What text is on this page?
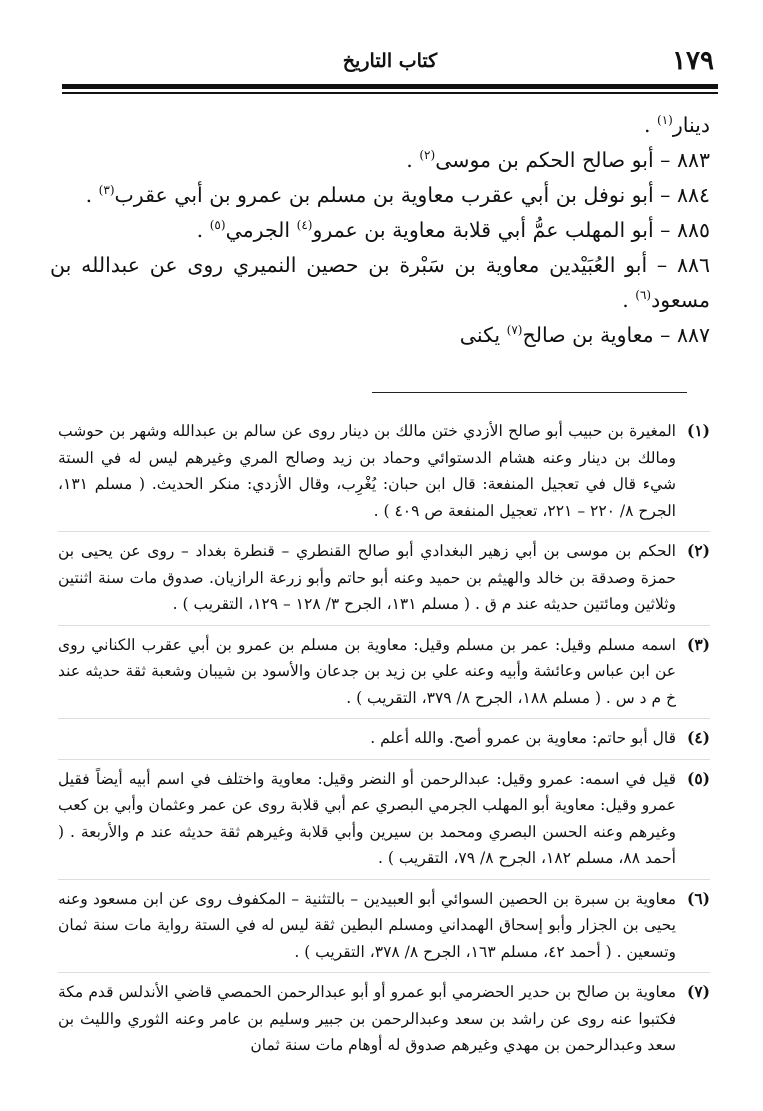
١٧٩
كتاب التاريخ
دينار$^{(١)}$ .
٨٨٣ – أبو صالح الحكم بن موسى$^{(٢)}$ .
٨٨٤ – أبو نوفل بن أبي عقرب معاوية بن مسلم بن عمرو بن أبي عقرب$^{(٣)}$ .
٨٨٥ – أبو المهلب عمُّ أبي قلابة معاوية بن عمرو$^{(٤)}$ الجرمي$^{(٥)}$ .
٨٨٦ – أبو العُبَيْدين معاوية بن سَبْرة بن حصين النميري روى عن عبدالله بن مسعود$^{(٦)}$ .
٨٨٧ – معاوية بن صالح$^{(٧)}$ يكنى
(١)
المغيرة بن حبيب أبو صالح الأزدي ختن مالك بن دينار روى عن سالم بن عبدالله وشهر بن حوشب ومالك بن دينار وعنه هشام الدستوائي وحماد بن زيد وصالح المري وغيرهم ليس له في الستة شيء قال في تعجيل المنفعة: قال ابن حبان: يُغْرِب، وقال الأزدي: منكر الحديث. ( مسلم ١٣١، الجرح ٨/ ٢٢٠ – ٢٢١، تعجيل المنفعة ص ٤٠٩ ) .
(٢)
الحكم بن موسى بن أبي زهير البغدادي أبو صالح القنطري – قنطرة بغداد – روى عن يحيى بن حمزة وصدقة بن خالد والهيثم بن حميد وعنه أبو حاتم وأبو زرعة الرازيان. صدوق مات سنة اثنتين وثلاثين ومائتين حديثه عند م ق . ( مسلم ١٣١، الجرح ٣/ ١٢٨ – ١٢٩، التقريب ) .
(٣)
اسمه مسلم وقيل: عمر بن مسلم وقيل: معاوية بن مسلم بن عمرو بن أبي عقرب الكناني روى عن ابن عباس وعائشة وأبيه وعنه علي بن زيد بن جدعان والأسود بن شيبان وشعبة ثقة حديثه عند خ م د س . ( مسلم ١٨٨، الجرح ٨/ ٣٧٩، التقريب ) .
(٤)
قال أبو حاتم: معاوية بن عمرو أصح. والله أعلم .
(٥)
قيل في اسمه: عمرو وقيل: عبدالرحمن أو النضر وقيل: معاوية واختلف في اسم أبيه أيضاً فقيل عمرو وقيل: معاوية أبو المهلب الجرمي البصري عم أبي قلابة روى عن عمر وعثمان وأبي بن كعب وغيرهم وعنه الحسن البصري ومحمد بن سيرين وأبي قلابة وغيرهم ثقة حديثه عند م والأربعة . ( أحمد ٨٨، مسلم ١٨٢، الجرح ٨/ ٧٩، التقريب ) .
(٦)
معاوية بن سبرة بن الحصين السوائي أبو العبيدين – بالتثنية – المكفوف روى عن ابن مسعود وعنه يحيى بن الجزار وأبو إسحاق الهمداني ومسلم البطين ثقة ليس له في الستة رواية مات سنة ثمان وتسعين . ( أحمد ٤٢، مسلم ١٦٣، الجرح ٨/ ٣٧٨، التقريب ) .
(٧)
معاوية بن صالح بن حدير الحضرمي أبو عمرو أو أبو عبدالرحمن الحمصي قاضي الأندلس قدم مكة فكتبوا عنه روى عن راشد بن سعد وعبدالرحمن بن جبير وسليم بن عامر وعنه الثوري والليث بن سعد وعبدالرحمن بن مهدي وغيرهم صدوق له أوهام مات سنة ثمان
